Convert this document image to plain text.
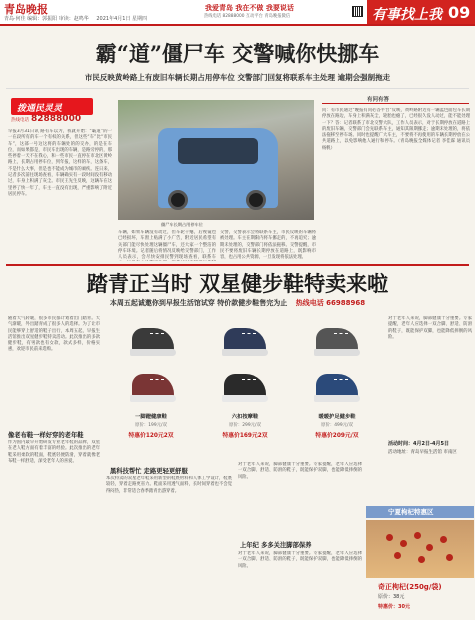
青岛晚报
青岛·何佳 编辑：郭振阳 审读：赵鸣华 2021年4月1日 星期四
我爱青岛 我在不做 我要说话
热线电话 82888000 互动平台 青岛晚报微信	有事找上我 09
霸“道”僵尸车 交警喊你快挪车
市民反映黄岭路上有废旧车辆长期占用停车位 交警部门回复将联系车主处理 逾期会强制拖走
拨通民灵灵
热线电话 82888000
早报3月31日讯 路有车以为，我就开始：“霸道”的一一在段所有的车一个有权的关系，但这些“车”比“市民车”，这部一号这这将的车辆处的的交办，的是在车位，而如果都是，市民车出现的车辆，是路旁停的，那些停着一天不在我心，和一些市民一直停在市北区黄岭路上，长期占用停车位，到年报，这样的车，这条车，不是什么大事，但是也不能成为城市的顽疾。连日来，记者多次前往现场查看，车辆确实有一段时间没有移动过，车身上积满了灰尘。市民王先生反映，这辆车在这里停了快一年了，车主一直没有出现，严重影响了附近居民停车。
僵尸车长期占用停车位
车辆，如果车辆没有动过，但车轮干瘪，后视镜也已经损坏，车窗上贴满了小广告，附近居民希望有关部门能尽快处理这辆僵尸车，还大家一个整洁的停车环境。记者随后将情况反映给交警部门，工作人员表示，会尽快安排民警到现场查看，联系车
交警，交警表示会将联系车主，市民反映的车辆将被处理。车主在期限内将车挪走的，不再追究；逾期未处理的，交警部门将依法拖移。交警提醒，市民不要将废旧车辆长期停放在道路上，既影响市容，也占用公共资源，一旦发现将依法处理。
有问有答
问：有市民通过“晚报有问必答平台”反映，黄岭路附近有一辆蓝色面包车长期停放在路边，车身上积满灰尘，轮胎也瘪了，已经很久没人动过，能不能处理一下？答：记者联系了市北交警大队，工作人员表示，对于长期停放在道路上的废旧车辆，交警部门会先联系车主，通知其限期挪走；逾期未处理的，将依法拖移至停车场。同时也提醒广大车主，不要将不再使用的车辆长期停放在公共道路上，以免影响他人通行和停车。（青岛晚报全媒体记者 李佳霖 通讯员 杨帆）
踏青正当时 双星健步鞋特卖来啦
本周五起诚邀你到早报生活馆试穿 特价款健步鞋售完为止 热线电话 66988968
随着天气转暖，很多市民都计划着出门踏青。天气渐暖，外出踏青成了很多人的选择。为了让市民能够穿上舒适的鞋子出行，本周五起，早报生活馆推出双星健步鞋特卖活动。此次推出的多款健步鞋，有男款也有女款，款式多样，价格实惠，欢迎市民前来选购。
像老布鞋一样好穿的老年鞋
作为国内最早开始研发专业老年鞋的品牌，双星在老人鞋方面有着丰富的经验。此次推出的老年鞋采用柔软的鞋面，鞋底轻便防滑，穿着就像老布鞋一样舒适，深受老年人的喜爱。
一脚蹬健康鞋
原价：199元/双
特惠价120元2双
六扣按摩鞋
原价：299元/双
特惠价169元2双
暖暖护足健步鞋
原价：499元/双
特惠价209元/双
黑科技帮忙 走路更轻更舒服
本次特卖的双星老年鞋采用新型的鞋底材料和人体工学设计，鞋底较轻，穿着走路更省力。鞋面采用透气面料，长时间穿着也不会觉得闷热，非常适合春季踏青出游穿着。
上年纪 多多关注脚部保养
对于老年人来说，脚部健康十分重要。专家提醒，老年人应选择一双合脚、舒适、防滑的鞋子，既能保护双脚，也能降低摔倒的风险。
对于老年人来说，脚部健康十分重要。专家提醒，老年人应选择一双合脚、舒适、防滑的鞋子，既能保护双脚，也能降低摔倒的风险。
对于老年人来说，脚部健康十分重要。专家提醒，老年人应选择一双合脚、舒适、防滑的鞋子，既能保护双脚，也能降低摔倒的风险。
活动时间：4月2日-4月5日
活动地址：青岛早报生活馆 市南区
宁夏枸杞特惠区
奇正枸杞(250g/袋)
原价：38元
特惠价：30元
